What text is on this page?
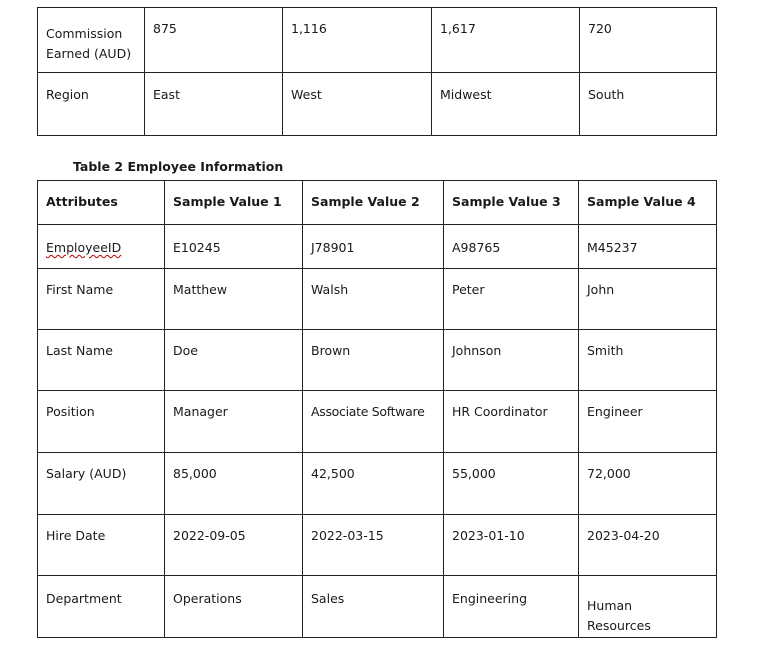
Commission Earned (AUD)	875	1,116	1,617	720

Region	East	West	Midwest	South
Table 2 Employee Information
Attributes	Sample Value 1	Sample Value 2	Sample Value 3	Sample Value 4

EmployeeID	E10245	J78901	A98765	M45237

First Name	Matthew	Walsh	Peter	John

Last Name	Doe	Brown	Johnson	Smith

Position	Manager	Associate Software	HR Coordinator	Engineer

Salary (AUD)	85,000	42,500	55,000	72,000

Hire Date	2022-09-05	2022-03-15	2023-01-10	2023-04-20

Department	Operations	Sales	Engineering	Human Resources
